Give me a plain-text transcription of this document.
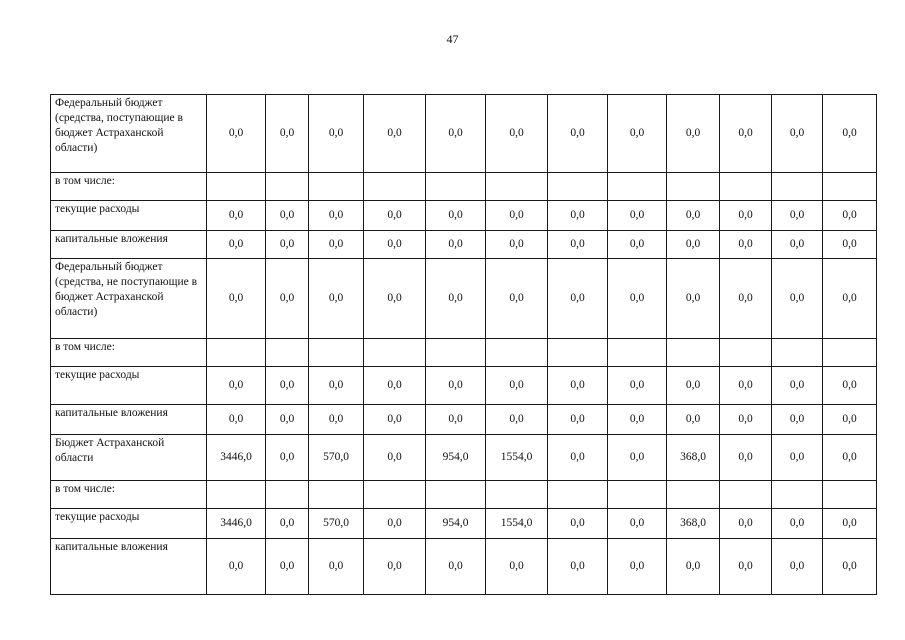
47
Федеральный бюджет (средства, поступающие в бюджет Астраханской области)	0,0	0,0	0,0	0,0	0,0	0,0	0,0	0,0	0,0	0,0	0,0	0,0
в том числе:												
текущие расходы	0,0	0,0	0,0	0,0	0,0	0,0	0,0	0,0	0,0	0,0	0,0	0,0
капитальные вложения	0,0	0,0	0,0	0,0	0,0	0,0	0,0	0,0	0,0	0,0	0,0	0,0
Федеральный бюджет (средства, не поступающие в бюджет Астраханской области)	0,0	0,0	0,0	0,0	0,0	0,0	0,0	0,0	0,0	0,0	0,0	0,0
в том числе:												
текущие расходы	0,0	0,0	0,0	0,0	0,0	0,0	0,0	0,0	0,0	0,0	0,0	0,0
капитальные вложения	0,0	0,0	0,0	0,0	0,0	0,0	0,0	0,0	0,0	0,0	0,0	0,0
Бюджет Астраханской области	3446,0	0,0	570,0	0,0	954,0	1554,0	0,0	0,0	368,0	0,0	0,0	0,0
в том числе:												
текущие расходы	3446,0	0,0	570,0	0,0	954,0	1554,0	0,0	0,0	368,0	0,0	0,0	0,0
капитальные вложения	0,0	0,0	0,0	0,0	0,0	0,0	0,0	0,0	0,0	0,0	0,0	0,0
